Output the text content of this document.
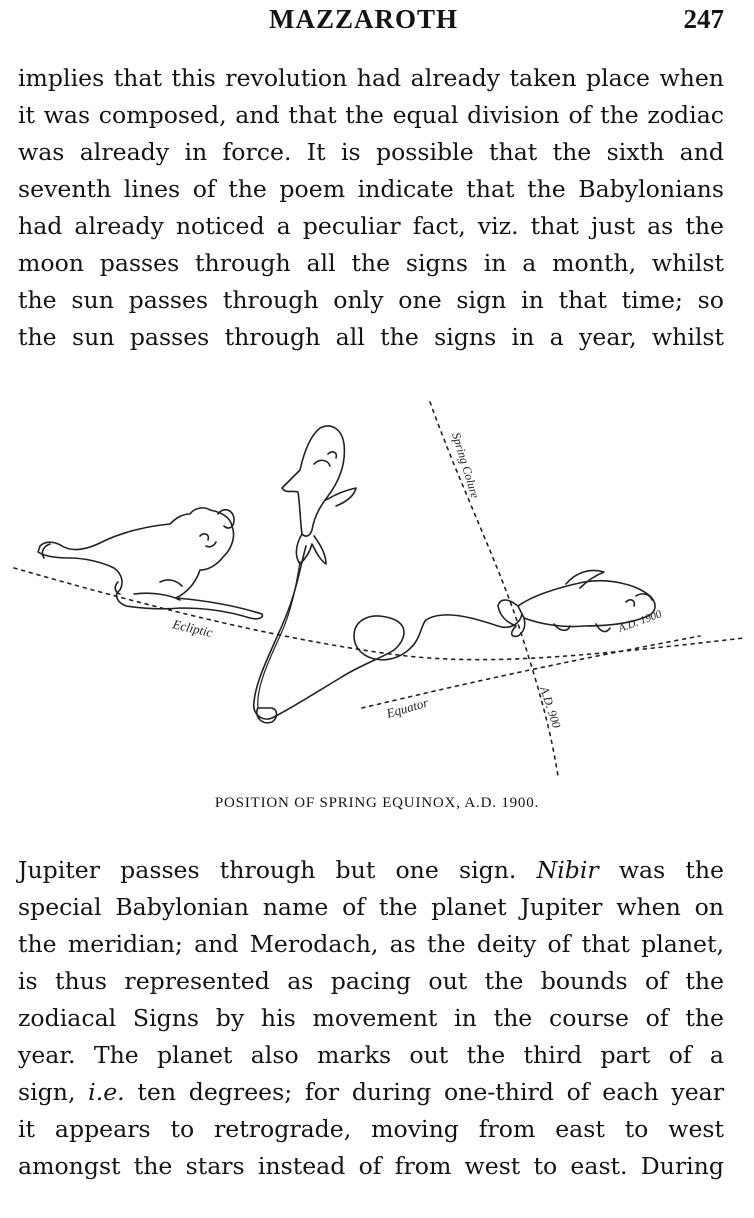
MAZZAROTH	247
implies that this revolution had already taken place when
it was composed, and that the equal division of the zodiac
was already in force. It is possible that the sixth and
seventh lines of the poem indicate that the Babylonians
had already noticed a peculiar fact, viz. that just as the
moon passes through all the signs in a month, whilst
the sun passes through only one sign in that time; so
the sun passes through all the signs in a year, whilst
Ecliptic
Equator
Spring Colure
A.D. 900
A.D. 1900
POSITION OF SPRING EQUINOX, A.D. 1900.
Jupiter passes through but one sign. Nibir was the
special Babylonian name of the planet Jupiter when on
the meridian; and Merodach, as the deity of that planet,
is thus represented as pacing out the bounds of the
zodiacal Signs by his movement in the course of the
year. The planet also marks out the third part of a
sign, i.e. ten degrees; for during one-third of each year
it appears to retrograde, moving from east to west
amongst the stars instead of from west to east. During
